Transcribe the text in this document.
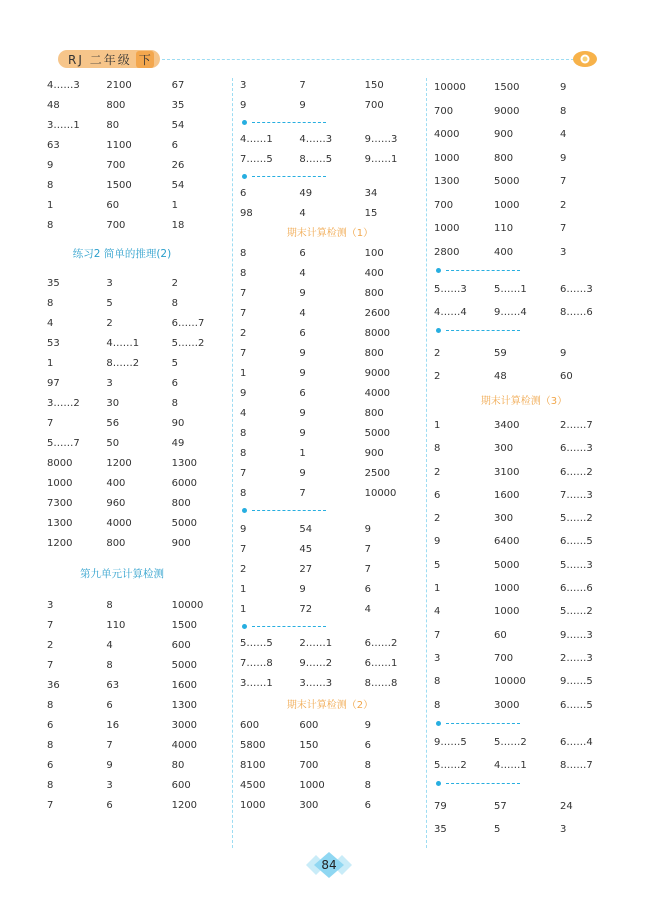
RJ 二年级 下
4……3	2100	67
48	800	35
3……1	80	54
63	1100	6
9	700	26
8	1500	54
1	60	1
8	700	18
练习2 简单的推理(2)
35	3	2
8	5	8
4	2	6……7
53	4……1	5……2
1	8……2	5
97	3	6
3……2	30	8
7	56	90
5……7	50	49
8000	1200	1300
1000	400	6000
7300	960	800
1300	4000	5000
1200	800	900
第九单元计算检测
3	8	10000
7	110	1500
2	4	600
7	8	5000
36	63	1600
8	6	1300
6	16	3000
8	7	4000
6	9	80
8	3	600
7	6	1200
3	7	150
9	9	700
4……1	4……3	9……3
7……5	8……5	9……1
6	49	34
98	4	15
期末计算检测（1）
8	6	100
8	4	400
7	9	800
7	4	2600
2	6	8000
7	9	800
1	9	9000
9	6	4000
4	9	800
8	9	5000
8	1	900
7	9	2500
8	7	10000
9	54	9
7	45	7
2	27	7
1	9	6
1	72	4
5……5	2……1	6……2
7……8	9……2	6……1
3……1	3……3	8……8
期末计算检测（2）
600	600	9
5800	150	6
8100	700	8
4500	1000	8
1000	300	6
10000	1500	9
700	9000	8
4000	900	4
1000	800	9
1300	5000	7
700	1000	2
1000	110	7
2800	400	3
5……3	5……1	6……3
4……4	9……4	8……6
2	59	9
2	48	60
期末计算检测（3）
1	3400	2……7
8	300	6……3
2	3100	6……2
6	1600	7……3
2	300	5……2
9	6400	6……5
5	5000	5……3
1	1000	6……6
4	1000	5……2
7	60	9……3
3	700	2……3
8	10000	9……5
8	3000	6……5
9……5	5……2	6……4
5……2	4……1	8……7
79	57	24
35	5	3
84
